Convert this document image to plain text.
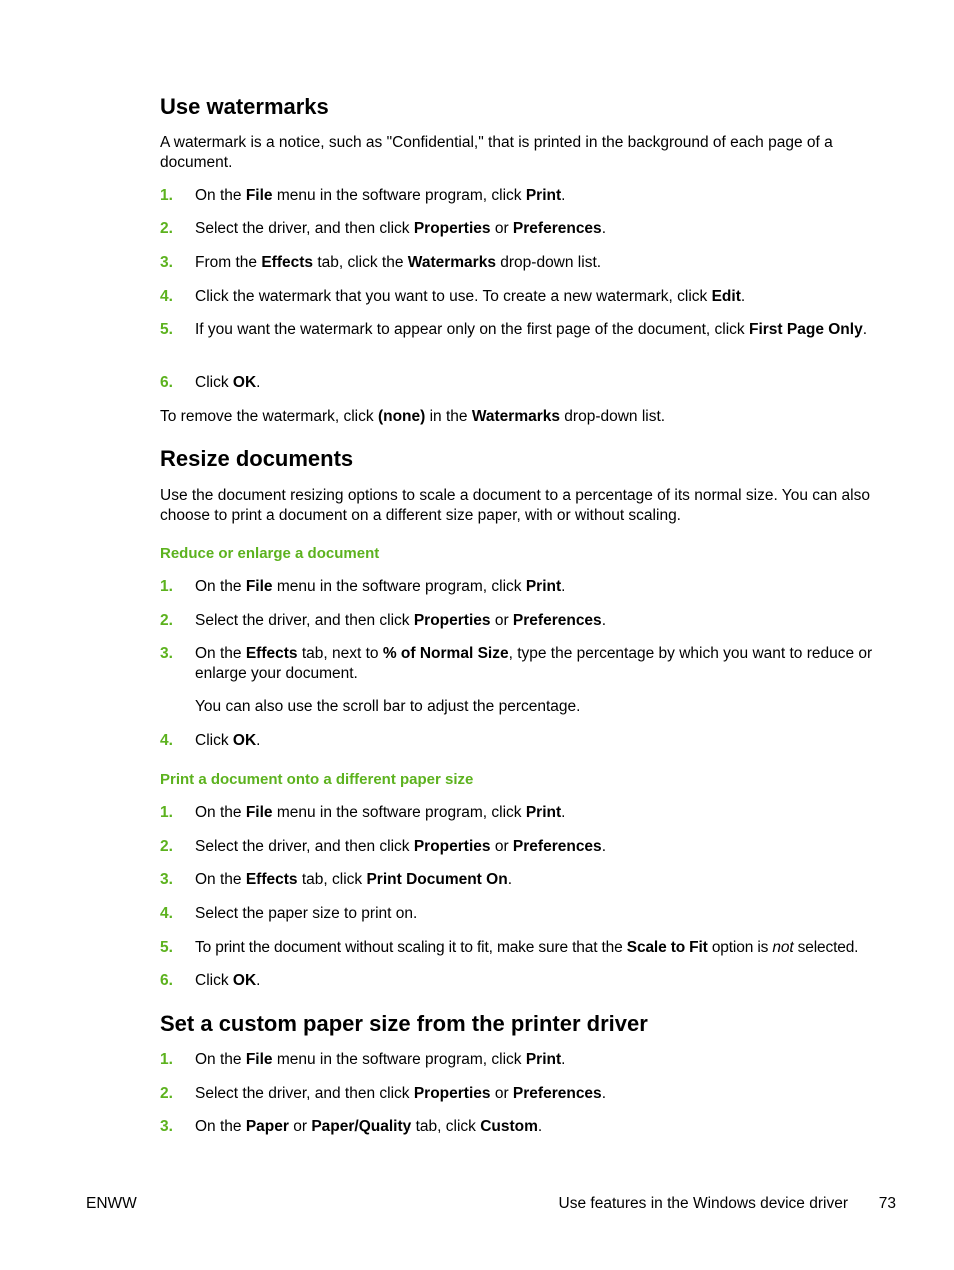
Use watermarks
A watermark is a notice, such as "Confidential," that is printed in the background of each page of a document.
1. On the File menu in the software program, click Print.
2. Select the driver, and then click Properties or Preferences.
3. From the Effects tab, click the Watermarks drop-down list.
4. Click the watermark that you want to use. To create a new watermark, click Edit.
5. If you want the watermark to appear only on the first page of the document, click First Page Only.
6. Click OK.
To remove the watermark, click (none) in the Watermarks drop-down list.
Resize documents
Use the document resizing options to scale a document to a percentage of its normal size. You can also choose to print a document on a different size paper, with or without scaling.
Reduce or enlarge a document
1. On the File menu in the software program, click Print.
2. Select the driver, and then click Properties or Preferences.
3. On the Effects tab, next to % of Normal Size, type the percentage by which you want to reduce or enlarge your document.
You can also use the scroll bar to adjust the percentage.
4. Click OK.
Print a document onto a different paper size
1. On the File menu in the software program, click Print.
2. Select the driver, and then click Properties or Preferences.
3. On the Effects tab, click Print Document On.
4. Select the paper size to print on.
5. To print the document without scaling it to fit, make sure that the Scale to Fit option is not selected.
6. Click OK.
Set a custom paper size from the printer driver
1. On the File menu in the software program, click Print.
2. Select the driver, and then click Properties or Preferences.
3. On the Paper or Paper/Quality tab, click Custom.
ENWW	Use features in the Windows device driver 73
